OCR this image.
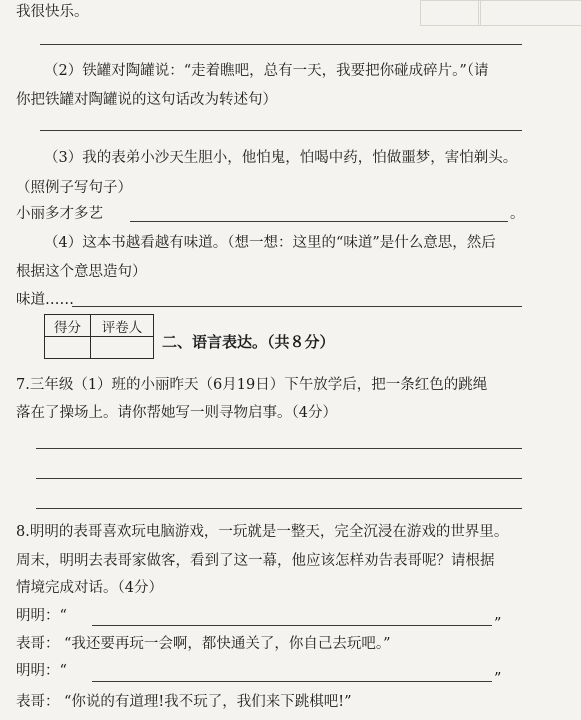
我很快乐。
（2）铁罐对陶罐说：“走着瞧吧，总有一天，我要把你碰成碎片。”（请
你把铁罐对陶罐说的这句话改为转述句）
（3）我的表弟小沙天生胆小，他怕鬼，怕喝中药，怕做噩梦，害怕剃头。
（照例子写句子）
小丽多才多艺	。
（4）这本书越看越有味道。（想一想：这里的“味道”是什么意思，然后
根据这个意思造句）
味道……
得分	评卷人

二、语言表达。（共８分）
7.三年级（1）班的小丽昨天（6月19日）下午放学后，把一条红色的跳绳
落在了操场上。请你帮她写一则寻物启事。（4分）
8.明明的表哥喜欢玩电脑游戏，一玩就是一整天，完全沉浸在游戏的世界里。
周末，明明去表哥家做客，看到了这一幕，他应该怎样劝告表哥呢？请根据
情境完成对话。（4分）
明明：“	”
表哥： “我还要再玩一会啊，都快通关了，你自己去玩吧。”
明明：“	”
表哥： “你说的有道理!我不玩了，我们来下跳棋吧!”
